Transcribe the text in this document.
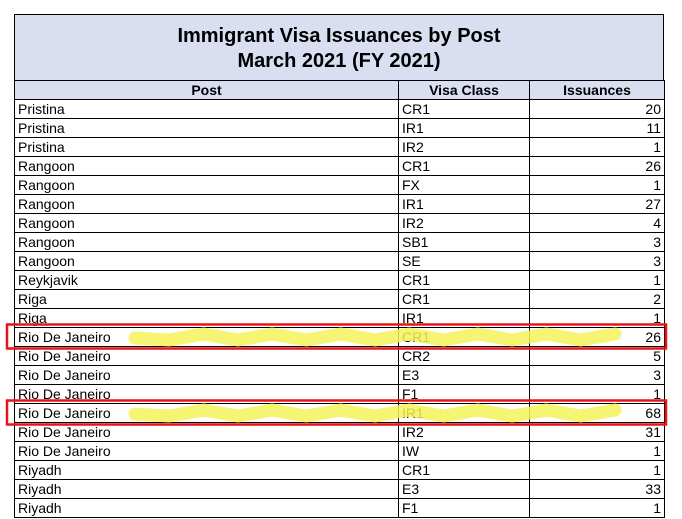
Immigrant Visa Issuances by Post
March 2021 (FY 2021)
Post	Visa Class	Issuances
Pristina	CR1	20
Pristina	IR1	11
Pristina	IR2	1
Rangoon	CR1	26
Rangoon	FX	1
Rangoon	IR1	27
Rangoon	IR2	4
Rangoon	SB1	3
Rangoon	SE	3
Reykjavik	CR1	1
Riga	CR1	2
Riga	IR1	1
Rio De Janeiro	CR1	26
Rio De Janeiro	CR2	5
Rio De Janeiro	E3	3
Rio De Janeiro	F1	1
Rio De Janeiro	IR1	68
Rio De Janeiro	IR2	31
Rio De Janeiro	IW	1
Riyadh	CR1	1
Riyadh	E3	33
Riyadh	F1	1
